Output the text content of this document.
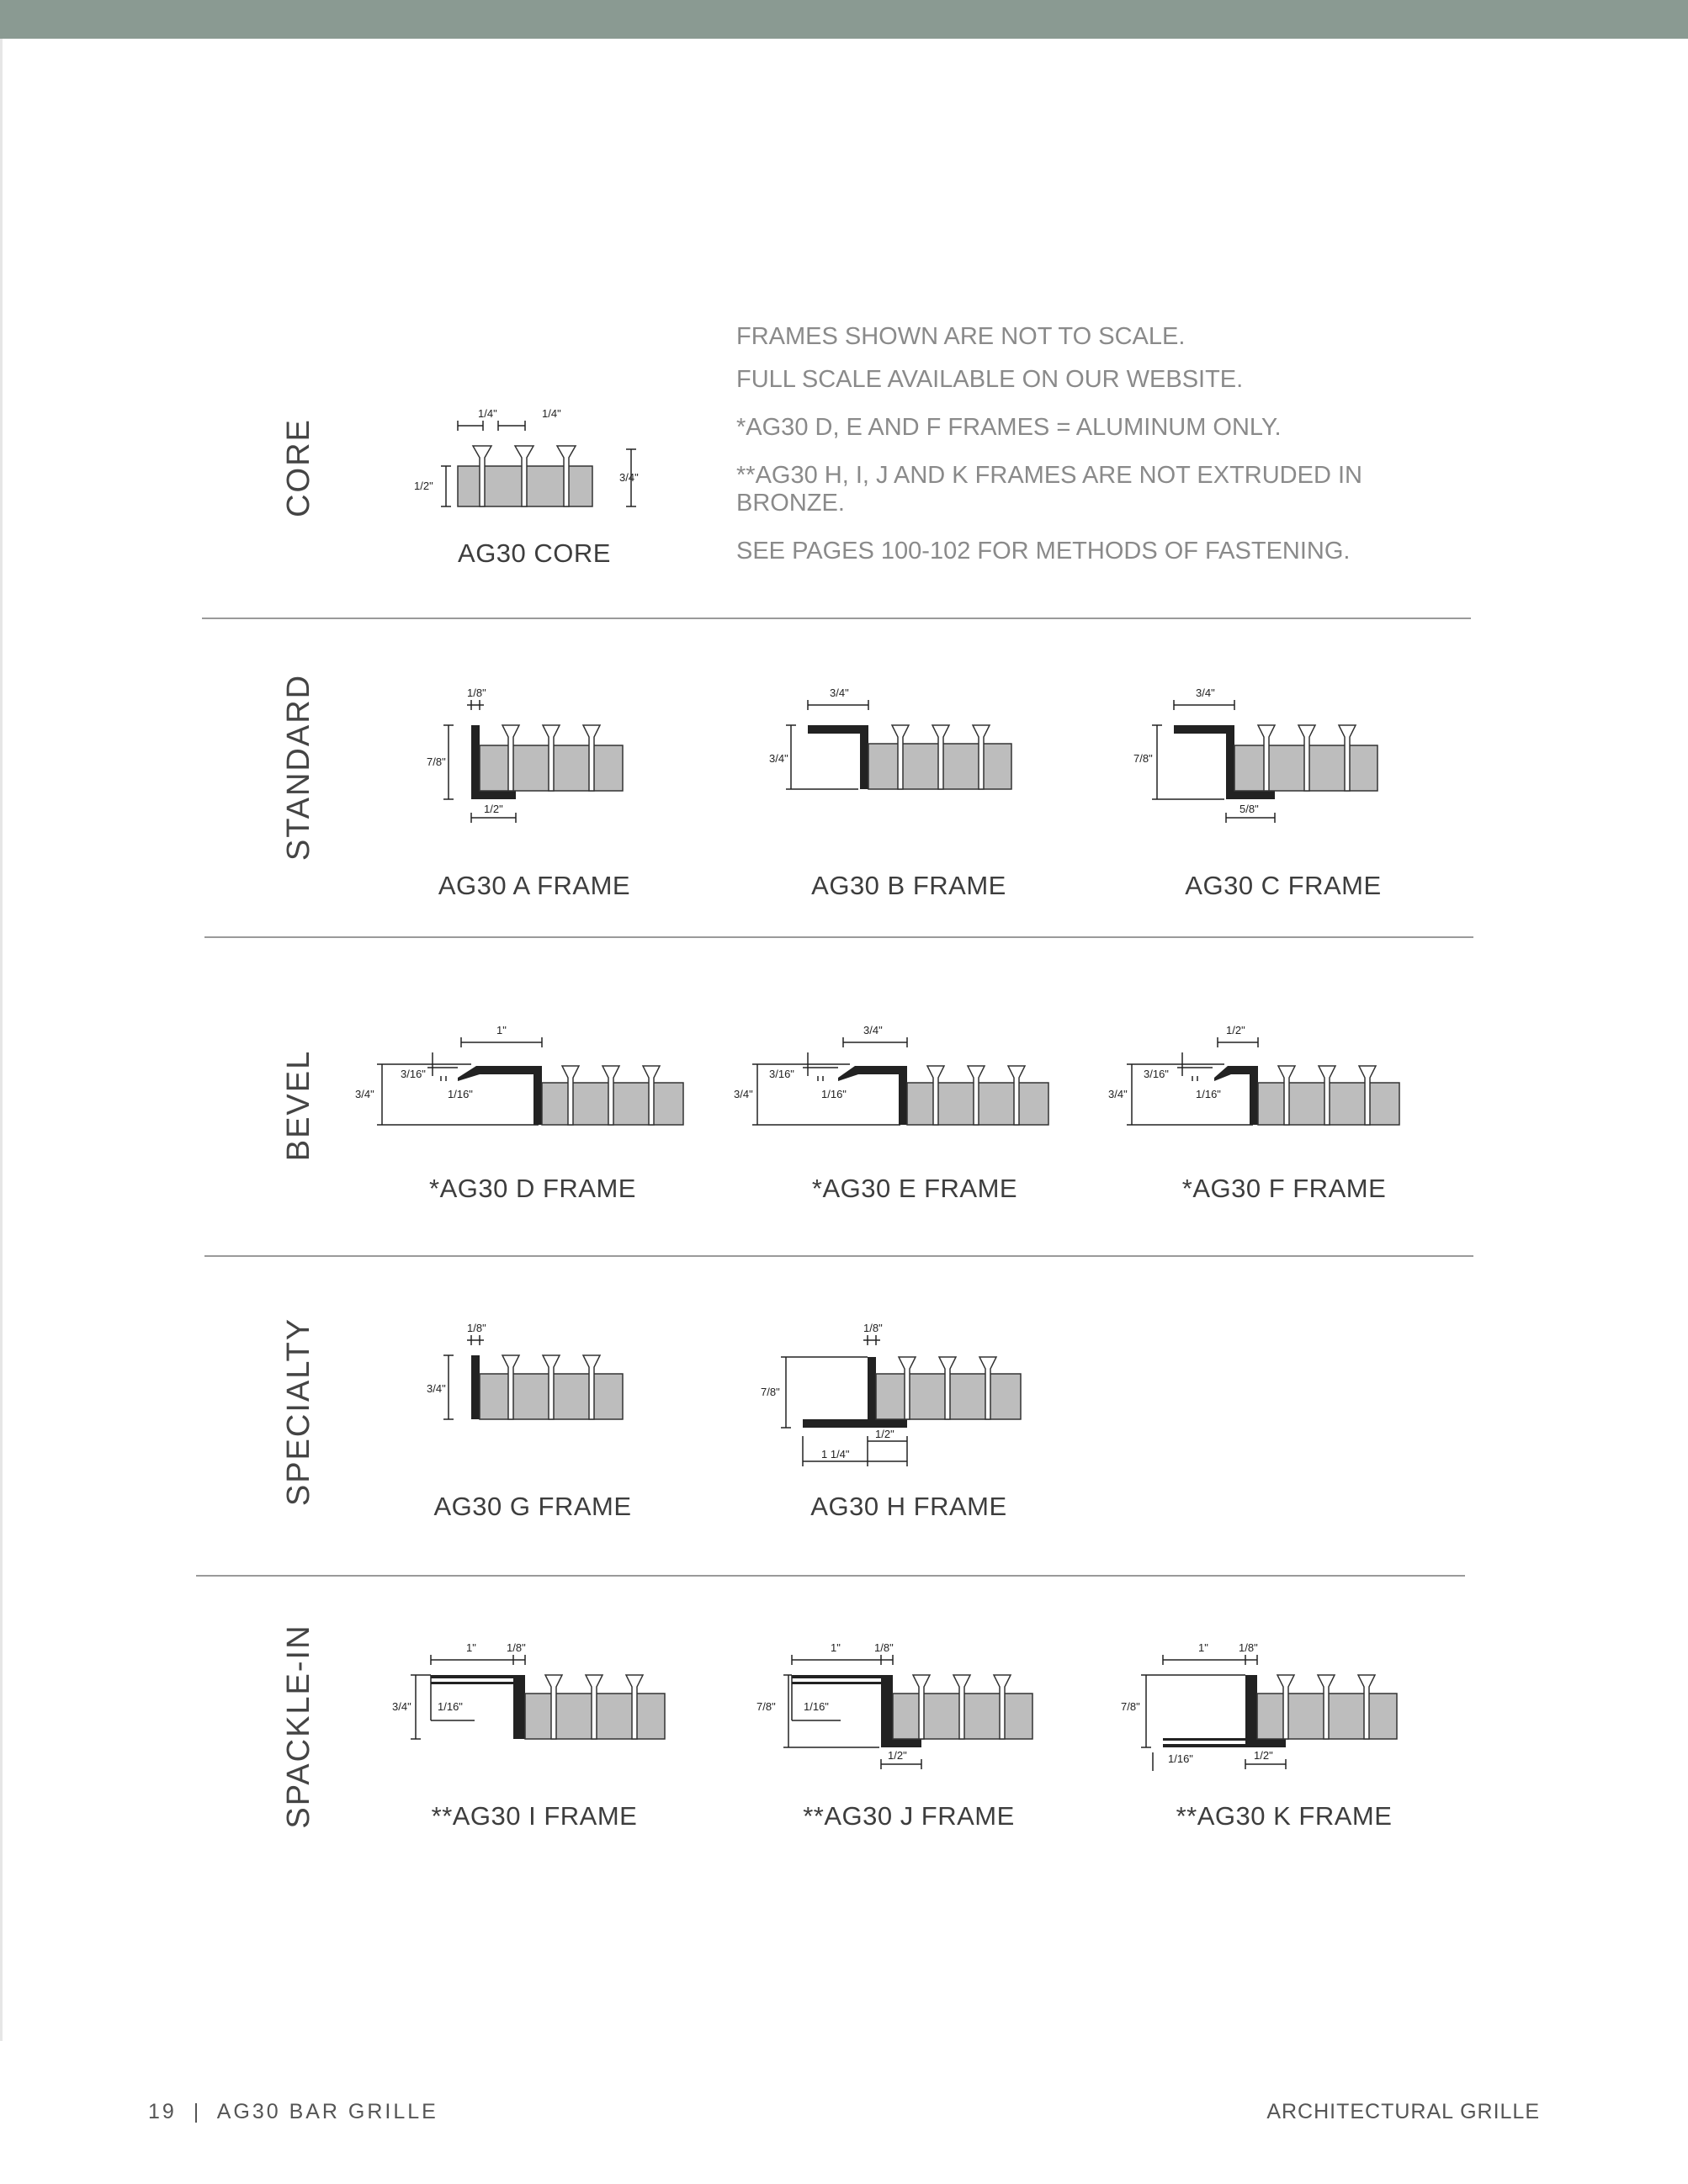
CORE
STANDARD
BEVEL
SPECIALTY
SPACKLE-IN

FRAMES SHOWN ARE NOT TO SCALE.

FULL SCALE AVAILABLE ON OUR WEBSITE.

*AG30 D, E AND F FRAMES = ALUMINUM ONLY.

**AG30 H, I, J AND K FRAMES ARE NOT EXTRUDED IN BRONZE.

SEE PAGES 100-102 FOR METHODS OF FASTENING.

1/4"	1/4"
1/2"
3/4"
AG30 CORE
1/8"
7/8"
1/2"
AG30 A FRAME
3/4"
3/4"
AG30 B FRAME
3/4"
7/8"
5/8"
AG30 C FRAME
1"
3/16"
3/4"	1/16"
*AG30 D FRAME
3/4"
3/16"
3/4"	1/16"
*AG30 E FRAME
1/2"
3/16"
3/4"	1/16"
*AG30 F FRAME
1/8"
3/4"
AG30 G FRAME
1/8"
7/8"
1/2"
1 1/4"
AG30 H FRAME
1"	1/8"
3/4" 1/16"
**AG30 I FRAME
1"	1/8"
7/8"	1/16"
1/2"
**AG30 J FRAME
1"	1/8"
7/8"
1/16"	1/2"
**AG30 K FRAME
19  |  AG30 BAR GRILLE	ARCHITECTURAL GRILLE
